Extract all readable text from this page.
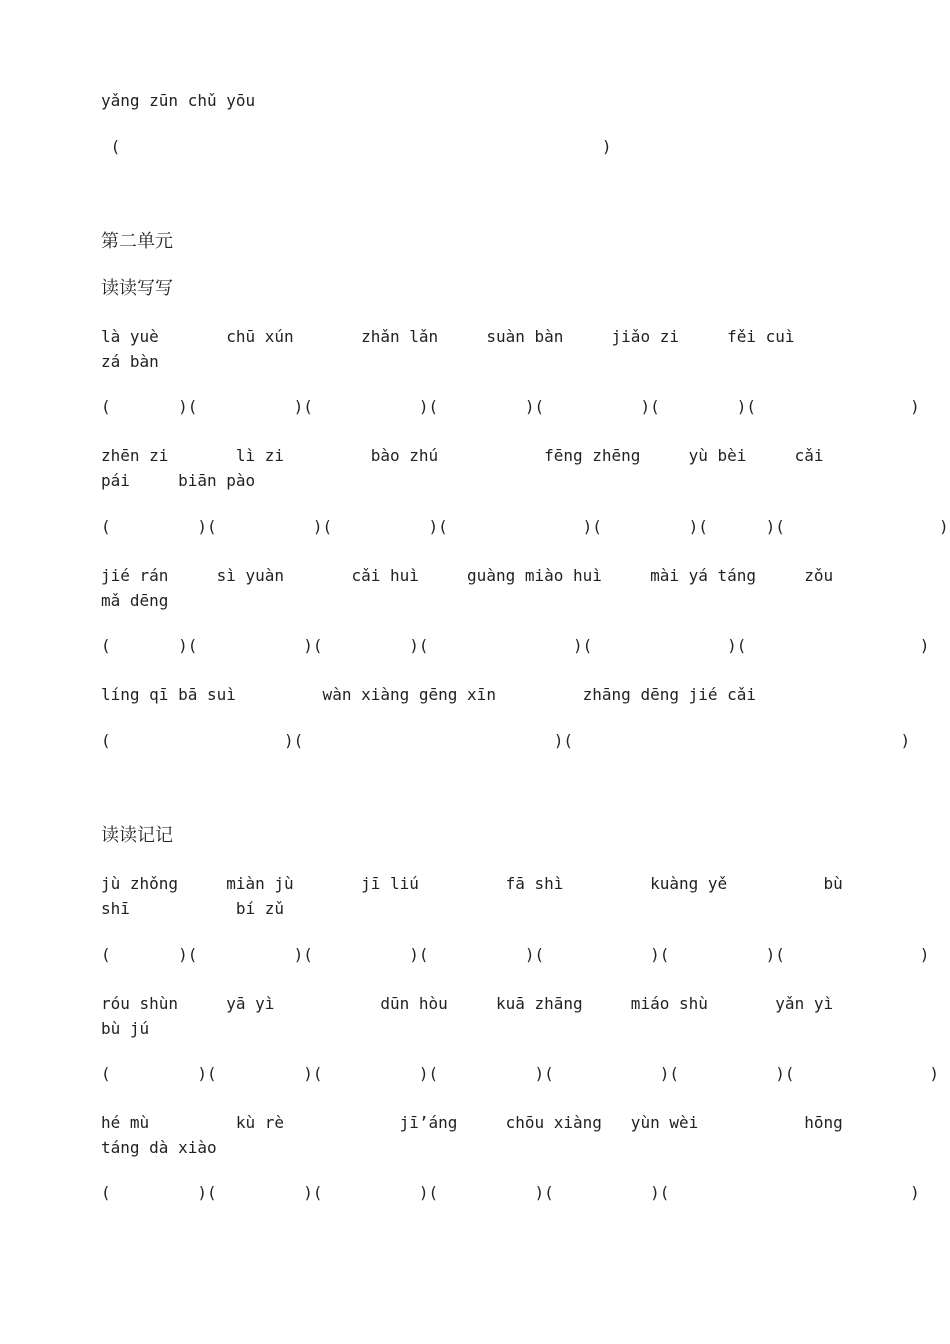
yǎng zūn chǔ yōu
(                                                  )
第二单元
读读写写
là yuè       chū xún       zhǎn lǎn     suàn bàn     jiǎo zi     fěi cuì      zá bàn
(       )(          )(           )(         )(          )(        )(                )
zhēn zi       lì zi         bào zhú           fēng zhēng     yù bèi     cǎi pái     biān pào
(         )(          )(          )(              )(         )(      )(                )
jié rán     sì yuàn       cǎi huì     guàng miào huì     mài yá táng     zǒu mǎ dēng
(       )(           )(         )(               )(              )(                  )
líng qī bā suì         wàn xiàng gēng xīn         zhāng dēng jié cǎi
(                  )(                          )(                                  )
读读记记
jù zhǒng     miàn jù       jī liú         fā shì         kuàng yě          bù shī           bí zǔ
(       )(          )(          )(          )(           )(          )(              )
róu shùn     yā yì           dūn hòu     kuā zhāng     miáo shù       yǎn yì         bù jú
(         )(         )(          )(          )(           )(          )(              )
hé mù         kù rè            jī’áng     chōu xiàng   yùn wèi           hōng táng dà xiào
(         )(         )(          )(          )(          )(                         )
